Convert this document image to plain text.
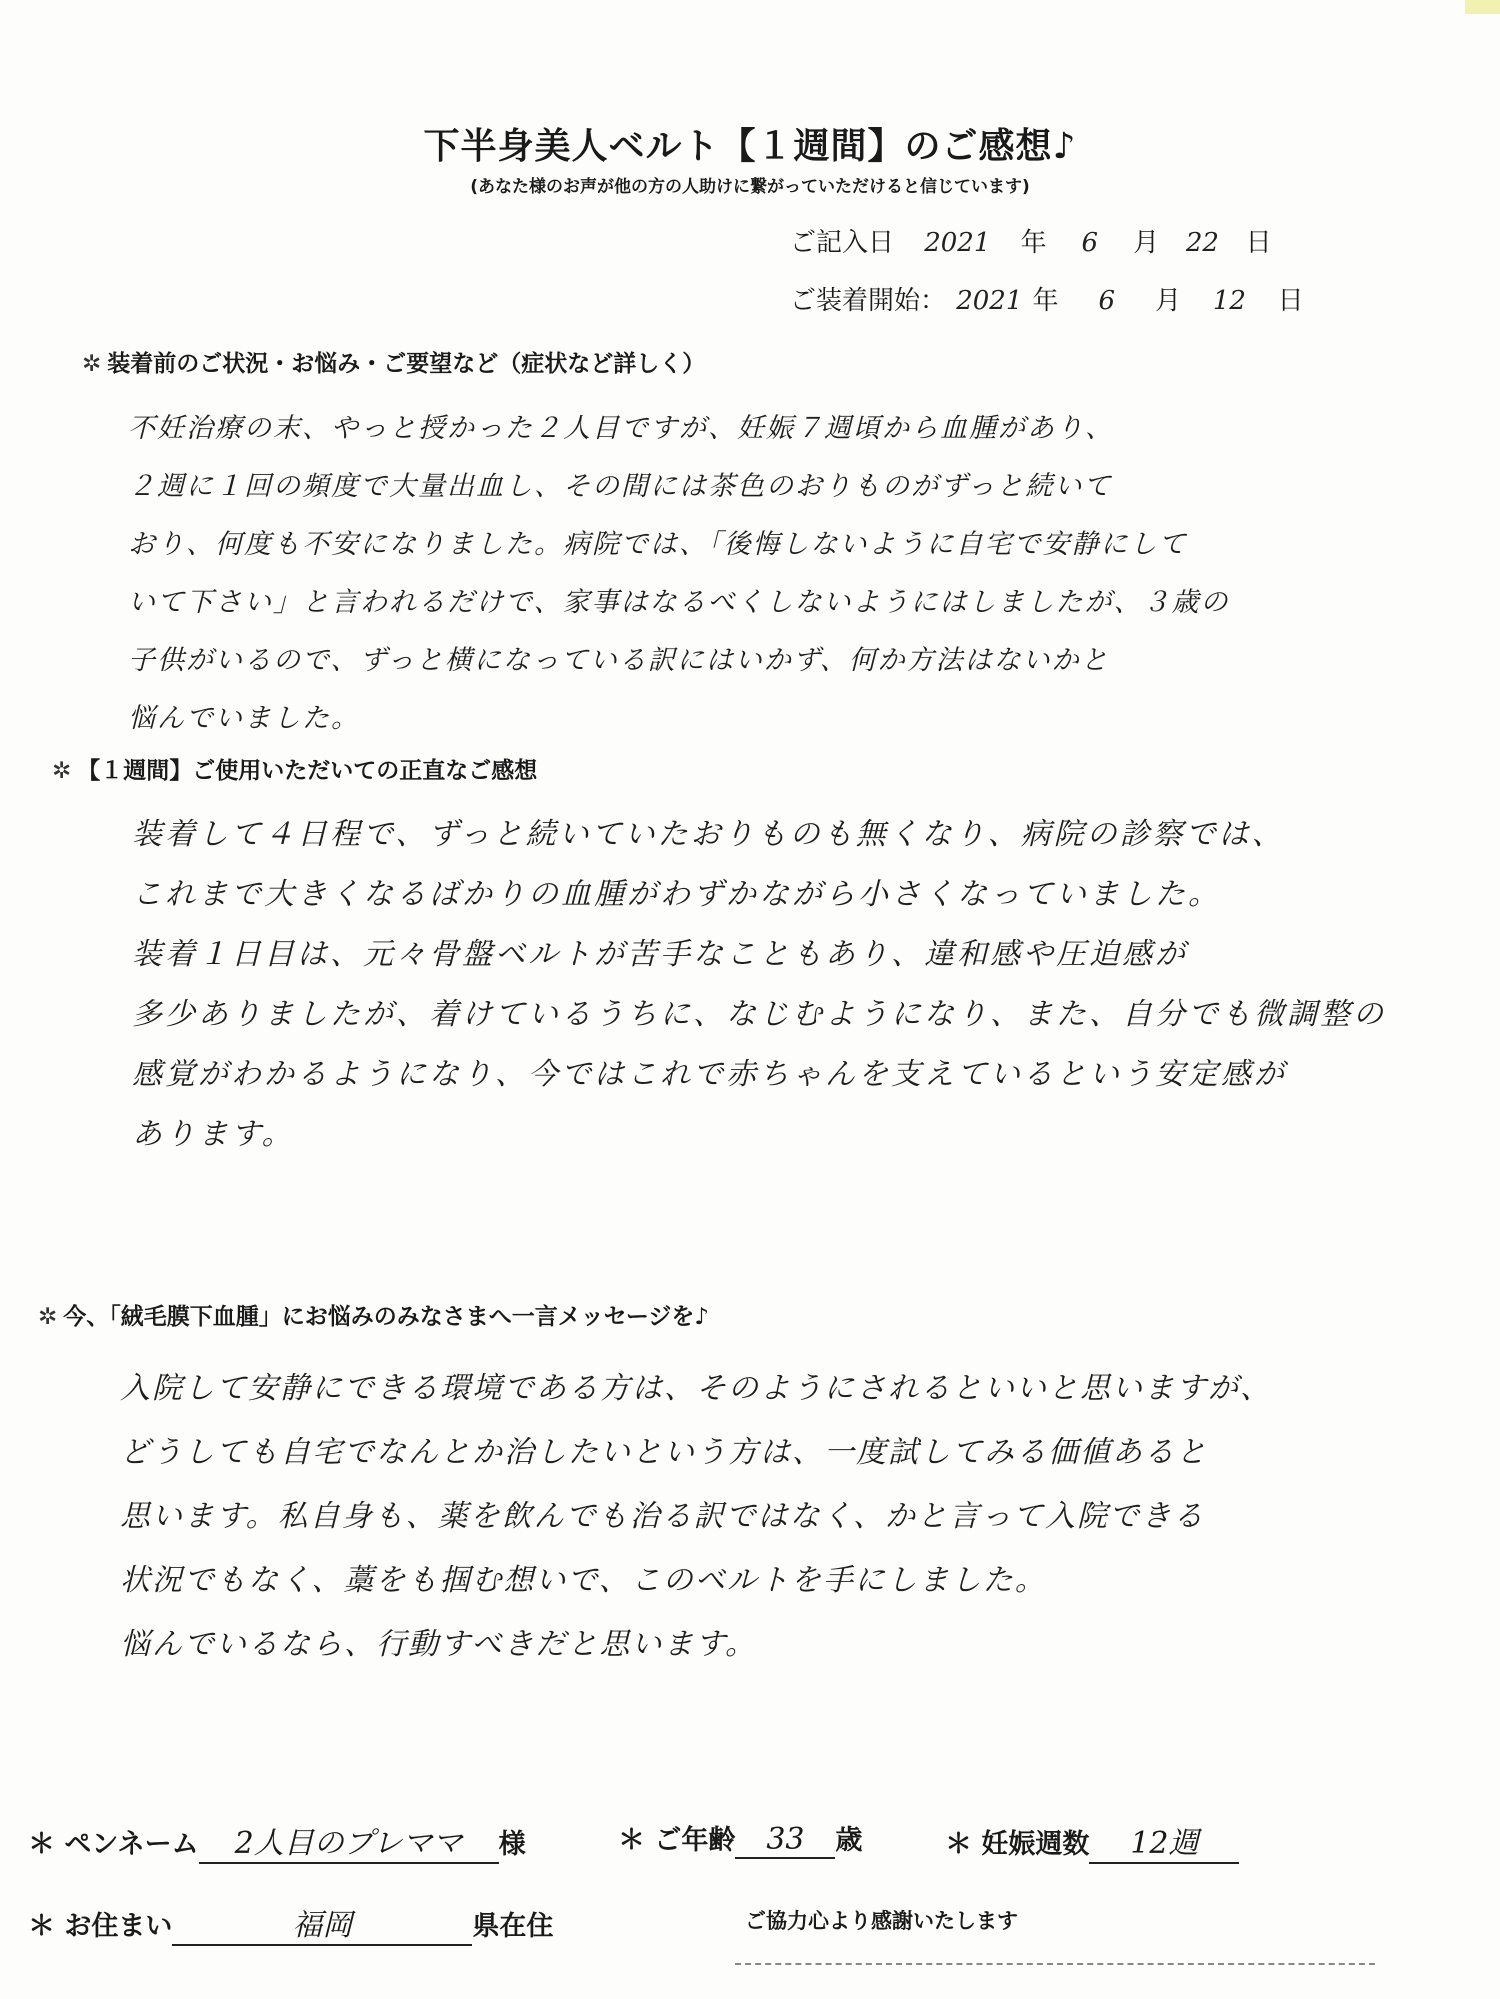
下半身美人ベルト【１週間】のご感想♪
(あなた様のお声が他の方の人助けに繋がっていただけると信じています)
ご記入日 2021 年 6 月 22 日
ご装着開始： 2021 年 6 月 12 日
✲ 装着前のご状況・お悩み・ご要望など（症状など詳しく）
不妊治療の末、やっと授かった２人目ですが、妊娠７週頃から血腫があり、
２週に１回の頻度で大量出血し、その間には茶色のおりものがずっと続いて
おり、何度も不安になりました。病院では、「後悔しないように自宅で安静にして
いて下さい」と言われるだけで、家事はなるべくしないようにはしましたが、３歳の
子供がいるので、ずっと横になっている訳にはいかず、何か方法はないかと
悩んでいました。
✲ 【１週間】ご使用いただいての正直なご感想
装着して４日程で、ずっと続いていたおりものも無くなり、病院の診察では、
これまで大きくなるばかりの血腫がわずかながら小さくなっていました。
装着１日目は、元々骨盤ベルトが苦手なこともあり、違和感や圧迫感が
多少ありましたが、着けているうちに、なじむようになり、また、自分でも微調整の
感覚がわかるようになり、今ではこれで赤ちゃんを支えているという安定感が
あります。
✲ 今、「絨毛膜下血腫」にお悩みのみなさまへ一言メッセージを♪
入院して安静にできる環境である方は、そのようにされるといいと思いますが、
どうしても自宅でなんとか治したいという方は、一度試してみる価値あると
思います。私自身も、薬を飲んでも治る訳ではなく、かと言って入院できる
状況でもなく、藁をも掴む想いで、このベルトを手にしました。
悩んでいるなら、行動すべきだと思います。
＊ ペンネーム 2人目のプレママ 様	＊ ご年齢 33 歳	＊ 妊娠週数 12週
＊ お住まい	福岡	県在住	ご協力心より感謝いたします
